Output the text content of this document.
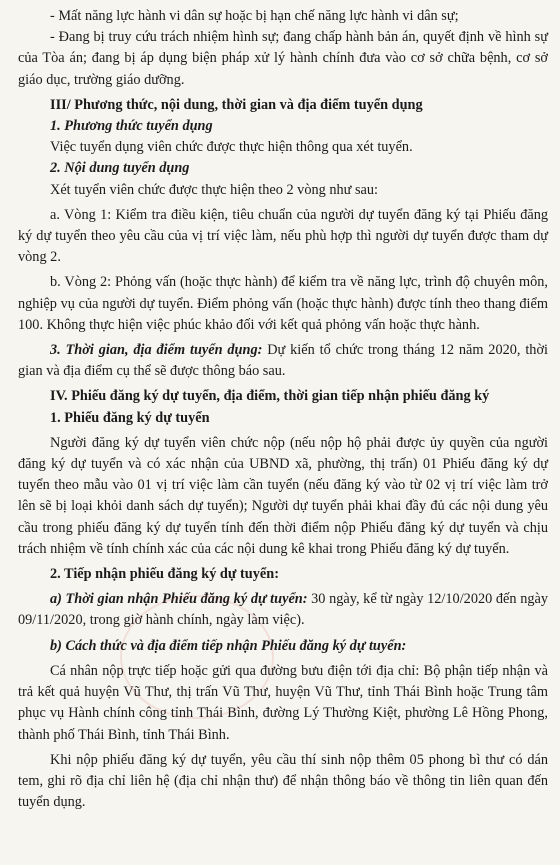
- Mất năng lực hành vi dân sự hoặc bị hạn chế năng lực hành vi dân sự;

- Đang bị truy cứu trách nhiệm hình sự; đang chấp hành bản án, quyết định về hình sự của Tòa án; đang bị áp dụng biện pháp xử lý hành chính đưa vào cơ sở chữa bệnh, cơ sở giáo dục, trường giáo dưỡng.

III/ Phương thức, nội dung, thời gian và địa điểm tuyển dụng

1. Phương thức tuyển dụng

Việc tuyển dụng viên chức được thực hiện thông qua xét tuyển.

2. Nội dung tuyển dụng

Xét tuyển viên chức được thực hiện theo 2 vòng như sau:

a. Vòng 1: Kiểm tra điều kiện, tiêu chuẩn của người dự tuyển đăng ký tại Phiếu đăng ký dự tuyển theo yêu cầu của vị trí việc làm, nếu phù hợp thì người dự tuyển được tham dự vòng 2.

b. Vòng 2: Phỏng vấn (hoặc thực hành) để kiểm tra về năng lực, trình độ chuyên môn, nghiệp vụ của người dự tuyển. Điểm phỏng vấn (hoặc thực hành) được tính theo thang điểm 100. Không thực hiện việc phúc khảo đối với kết quả phỏng vấn hoặc thực hành.

3. Thời gian, địa điểm tuyển dụng: Dự kiến tổ chức trong tháng 12 năm 2020, thời gian và địa điểm cụ thể sẽ được thông báo sau.

IV. Phiếu đăng ký dự tuyển, địa điểm, thời gian tiếp nhận phiếu đăng ký

1. Phiếu đăng ký dự tuyển

Người đăng ký dự tuyển viên chức nộp (nếu nộp hộ phải được ủy quyền của người đăng ký dự tuyển và có xác nhận của UBND xã, phường, thị trấn) 01 Phiếu đăng ký dự tuyển theo mẫu vào 01 vị trí việc làm cần tuyển (nếu đăng ký vào từ 02 vị trí việc làm trở lên sẽ bị loại khỏi danh sách dự tuyển); Người dự tuyển phải khai đầy đủ các nội dung yêu cầu trong phiếu đăng ký dự tuyển tính đến thời điểm nộp Phiếu đăng ký dự tuyển và chịu trách nhiệm về tính chính xác của các nội dung kê khai trong Phiếu đăng ký dự tuyển.

2. Tiếp nhận phiếu đăng ký dự tuyển:

a) Thời gian nhận Phiếu đăng ký dự tuyển: 30 ngày, kể từ ngày 12/10/2020 đến ngày 09/11/2020, trong giờ hành chính, ngày làm việc).

b) Cách thức và địa điểm tiếp nhận Phiếu đăng ký dự tuyển:

Cá nhân nộp trực tiếp hoặc gửi qua đường bưu điện tới địa chỉ: Bộ phận tiếp nhận và trả kết quả huyện Vũ Thư, thị trấn Vũ Thư, huyện Vũ Thư, tỉnh Thái Bình hoặc Trung tâm phục vụ Hành chính công tỉnh Thái Bình, đường Lý Thường Kiệt, phường Lê Hồng Phong, thành phố Thái Bình, tỉnh Thái Bình.

Khi nộp phiếu đăng ký dự tuyển, yêu cầu thí sinh nộp thêm 05 phong bì thư có dán tem, ghi rõ địa chỉ liên hệ (địa chỉ nhận thư) để nhận thông báo về thông tin liên quan đến tuyển dụng.
